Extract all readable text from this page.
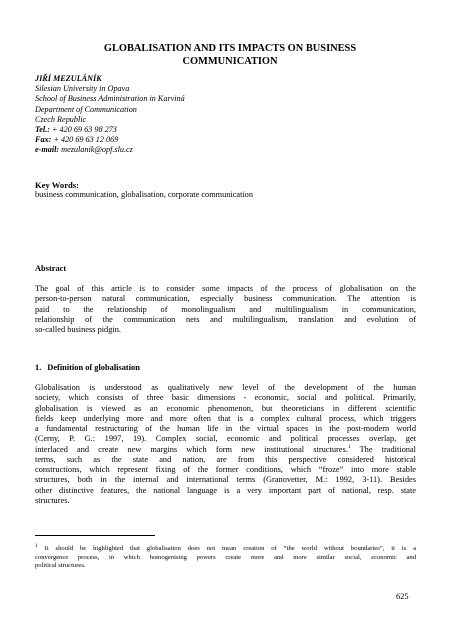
GLOBALISATION AND ITS IMPACTS ON BUSINESS
COMMUNICATION
JIŘÍ MEZULÁNÍK
Silesian University in Opava
School of Business Administration in Karviná
Department of Communication
Czech Republic
Tel.: + 420 69 63 98 273
Fax: + 420 69 63 12 069
e-mail: mezulanik@opf.slu.cz
Key Words:
business communication, globalisation, corporate communication
Abstract
The goal of this article is to consider some impacts of the process of globalisation on the
person-to-person natural communication, especially business communication. The attention is
paid to the relationship of monolingualism and multilingualism in communication,
relationship of the communication nets and multilingualism, translation and evolution of
so-called business pidgin.
1. Definition of globalisation
Globalisation is understood as qualitatively new level of the development of the human
society, which consists of three basic dimensions - economic, social and political. Primarily,
globalisation is viewed as an economic phenomenon, but theoreticians in different scientific
fields keep underlying more and more often that is a complex cultural process, which triggers
a fundamental restructuring of the human life in the virtual spaces in the post-modern world
(Cerny, P. G.: 1997, 19). Complex social, economic and political processes overlap, get
interlaced and create new margins which form new institutional structures.$^1$ The traditional
terms, such as the state and nation, are from this perspective considered historical
constructions, which represent fixing of the former conditions, which “froze” into more stable
structures, both in the internal and international terms (Granovetter, M.: 1992, 3-11). Besides
other distinctive features, the national language is a very important part of national, resp. state
structures.
$^1$ It should be highlighted that globalisation does not mean creation of “the world without boundaries”, it is a
convergence process, in which homogenising powers create more and more similar social, economic and
political structures.
625
